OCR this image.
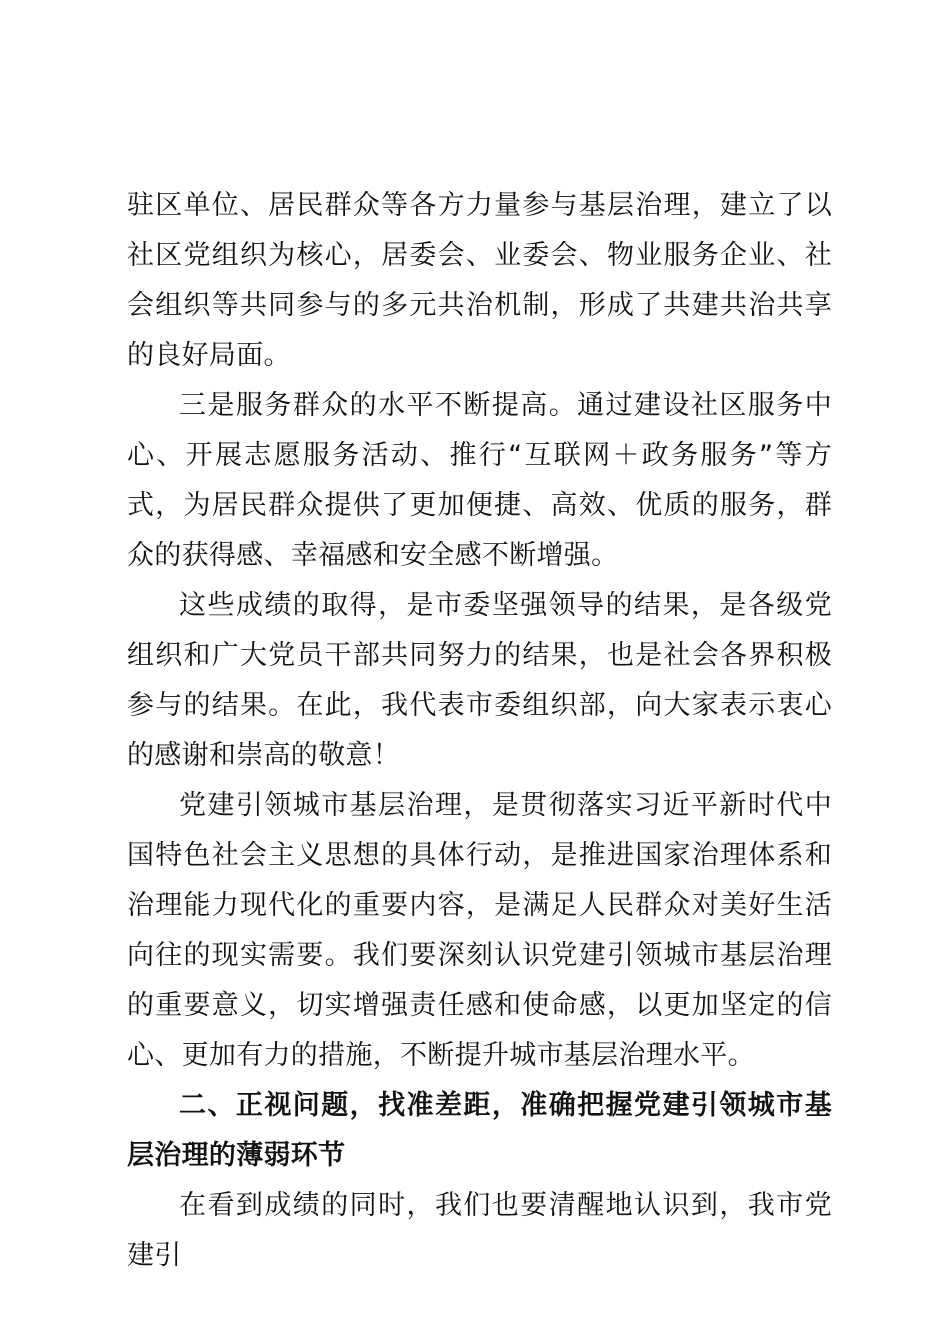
驻区单位、居民群众等各方力量参与基层治理，建立了以社区党组织为核心，居委会、业委会、物业服务企业、社会组织等共同参与的多元共治机制，形成了共建共治共享的良好局面。

三是服务群众的水平不断提高。通过建设社区服务中心、开展志愿服务活动、推行“互联网＋政务服务”等方式，为居民群众提供了更加便捷、高效、优质的服务，群众的获得感、幸福感和安全感不断增强。

这些成绩的取得，是市委坚强领导的结果，是各级党组织和广大党员干部共同努力的结果，也是社会各界积极参与的结果。在此，我代表市委组织部，向大家表示衷心的感谢和崇高的敬意！

党建引领城市基层治理，是贯彻落实习近平新时代中国特色社会主义思想的具体行动，是推进国家治理体系和治理能力现代化的重要内容，是满足人民群众对美好生活向往的现实需要。我们要深刻认识党建引领城市基层治理的重要意义，切实增强责任感和使命感，以更加坚定的信心、更加有力的措施，不断提升城市基层治理水平。

二、正视问题，找准差距，准确把握党建引领城市基层治理的薄弱环节

在看到成绩的同时，我们也要清醒地认识到，我市党建引
